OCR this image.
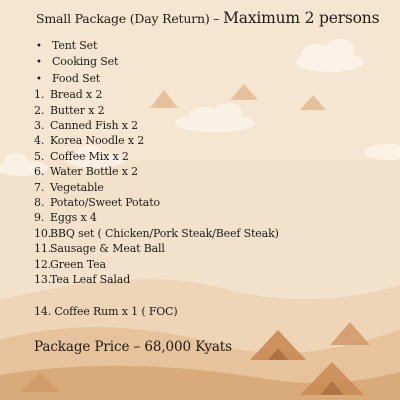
Small Package (Day Return) – Maximum 2 persons
• Tent Set
• Cooking Set
• Food Set
1. Bread x 2
2. Butter x 2
3. Canned Fish x 2
4. Korea Noodle x 2
5. Coffee Mix x 2
6. Water Bottle x 2
7. Vegetable
8. Potato/Sweet Potato
9. Eggs x 4
10.BBQ set ( Chicken/Pork Steak/Beef Steak)
11.Sausage & Meat Ball
12.Green Tea
13.Tea Leaf Salad
14. Coffee Rum x 1 ( FOC)
Package Price – 68,000 Kyats
